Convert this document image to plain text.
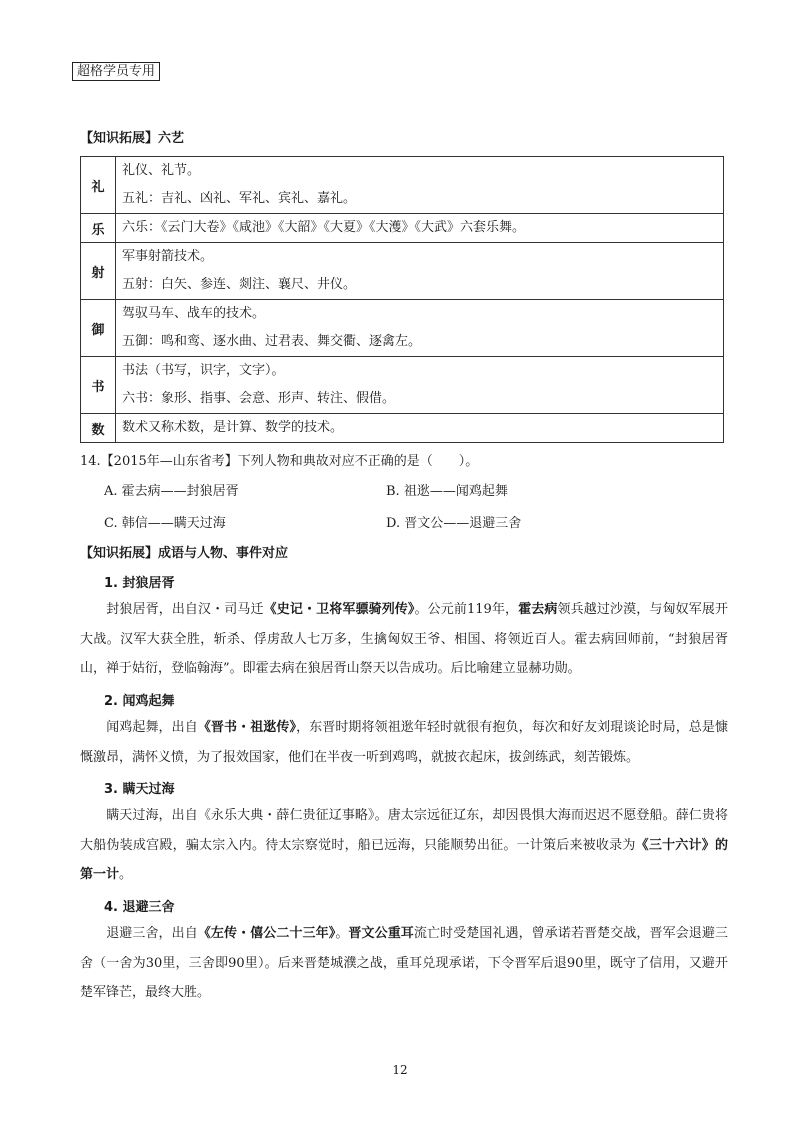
超格学员专用
【知识拓展】六艺
礼	礼仪、礼节。
五礼：吉礼、凶礼、军礼、宾礼、嘉礼。

乐	六乐：《云门大卷》《咸池》《大韶》《大夏》《大濩》《大武》六套乐舞。

射	军事射箭技术。
五射：白矢、参连、剡注、襄尺、井仪。

御	驾驭马车、战车的技术。
五御：鸣和鸾、逐水曲、过君表、舞交衢、逐禽左。

书	书法（书写，识字，文字）。
六书：象形、指事、会意、形声、转注、假借。

数	数术又称术数，是计算、数学的技术。
14.【2015年—山东省考】下列人物和典故对应不正确的是（　　）。
A. 霍去病——封狼居胥	B. 祖逖——闻鸡起舞
C. 韩信——瞒天过海	D. 晋文公——退避三舍
【知识拓展】成语与人物、事件对应
1. 封狼居胥
　　封狼居胥，出自汉・司马迁《史记・卫将军骠骑列传》。公元前119年，霍去病领兵越过沙漠，与匈奴军展开大战。汉军大获全胜，斩杀、俘虏敌人七万多，生擒匈奴王爷、相国、将领近百人。霍去病回师前，“封狼居胥山，禅于姑衍，登临翰海”。即霍去病在狼居胥山祭天以告成功。后比喻建立显赫功勋。
2. 闻鸡起舞
　　闻鸡起舞，出自《晋书・祖逖传》，东晋时期将领祖逖年轻时就很有抱负，每次和好友刘琨谈论时局，总是慷慨激昂，满怀义愤，为了报效国家，他们在半夜一听到鸡鸣，就披衣起床，拔剑练武，刻苦锻炼。
3. 瞒天过海
　　瞒天过海，出自《永乐大典・薛仁贵征辽事略》。唐太宗远征辽东，却因畏惧大海而迟迟不愿登船。薛仁贵将大船伪装成宫殿，骗太宗入内。待太宗察觉时，船已远海，只能顺势出征。一计策后来被收录为《三十六计》的第一计。
4. 退避三舍
　　退避三舍，出自《左传・僖公二十三年》。晋文公重耳流亡时受楚国礼遇，曾承诺若晋楚交战，晋军会退避三舍（一舍为30里，三舍即90里）。后来晋楚城濮之战，重耳兑现承诺，下令晋军后退90里，既守了信用，又避开楚军锋芒，最终大胜。
12
